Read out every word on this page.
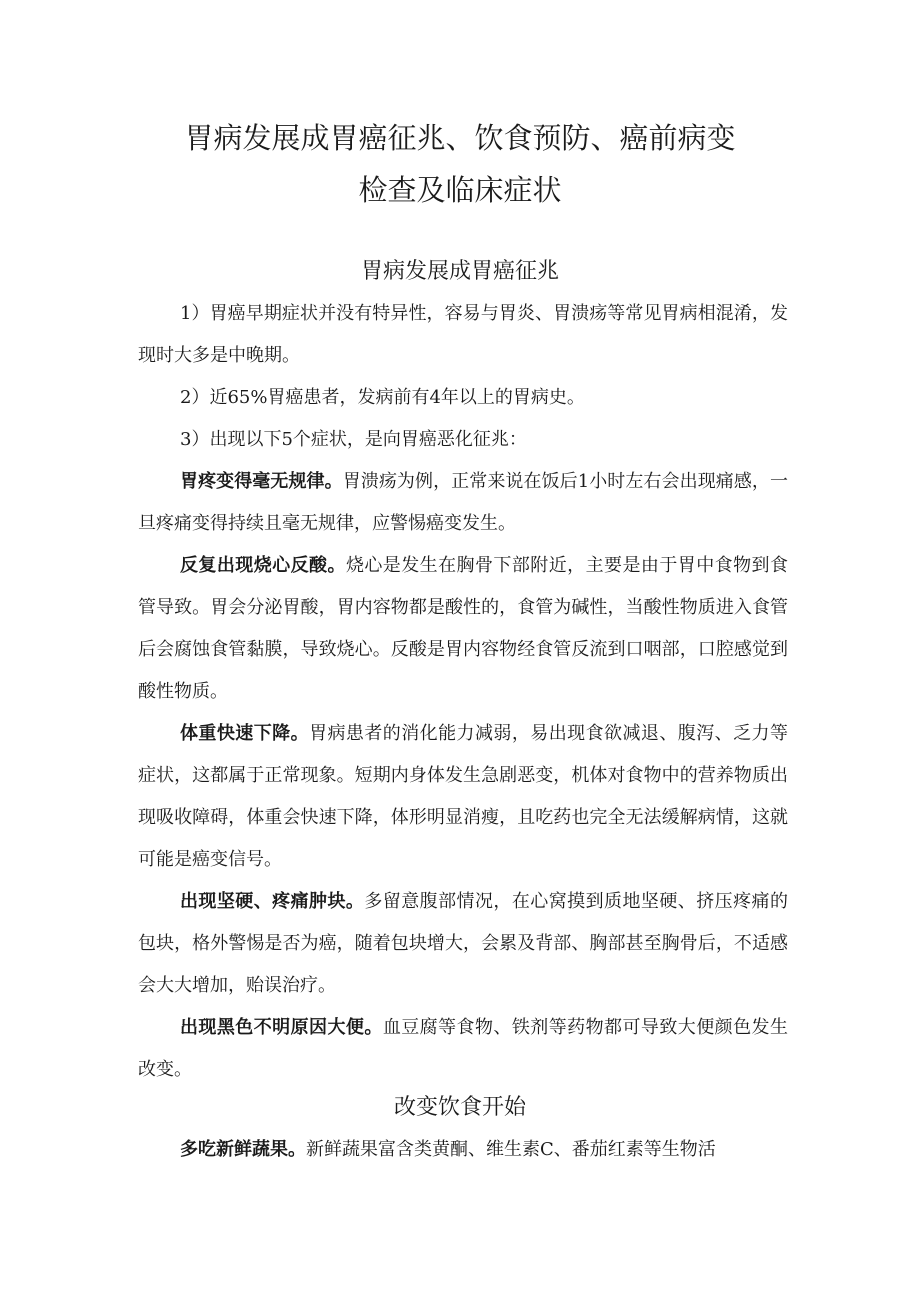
胃病发展成胃癌征兆、饮食预防、癌前病变
检查及临床症状
胃病发展成胃癌征兆

1）胃癌早期症状并没有特异性，容易与胃炎、胃溃疡等常见胃病相混淆，发现时大多是中晚期。

2）近65%胃癌患者，发病前有4年以上的胃病史。

3）出现以下5个症状，是向胃癌恶化征兆：

胃疼变得毫无规律。胃溃疡为例，正常来说在饭后1小时左右会出现痛感，一旦疼痛变得持续且毫无规律，应警惕癌变发生。

反复出现烧心反酸。烧心是发生在胸骨下部附近，主要是由于胃中食物到食管导致。胃会分泌胃酸，胃内容物都是酸性的，食管为碱性，当酸性物质进入食管后会腐蚀食管黏膜，导致烧心。反酸是胃内容物经食管反流到口咽部，口腔感觉到酸性物质。

体重快速下降。胃病患者的消化能力减弱，易出现食欲减退、腹泻、乏力等症状，这都属于正常现象。短期内身体发生急剧恶变，机体对食物中的营养物质出现吸收障碍，体重会快速下降，体形明显消瘦，且吃药也完全无法缓解病情，这就可能是癌变信号。

出现坚硬、疼痛肿块。多留意腹部情况，在心窝摸到质地坚硬、挤压疼痛的包块，格外警惕是否为癌，随着包块增大，会累及背部、胸部甚至胸骨后，不适感会大大增加，贻误治疗。

出现黑色不明原因大便。血豆腐等食物、铁剂等药物都可导致大便颜色发生改变。

改变饮食开始

多吃新鲜蔬果。新鲜蔬果富含类黄酮、维生素C、番茄红素等生物活
